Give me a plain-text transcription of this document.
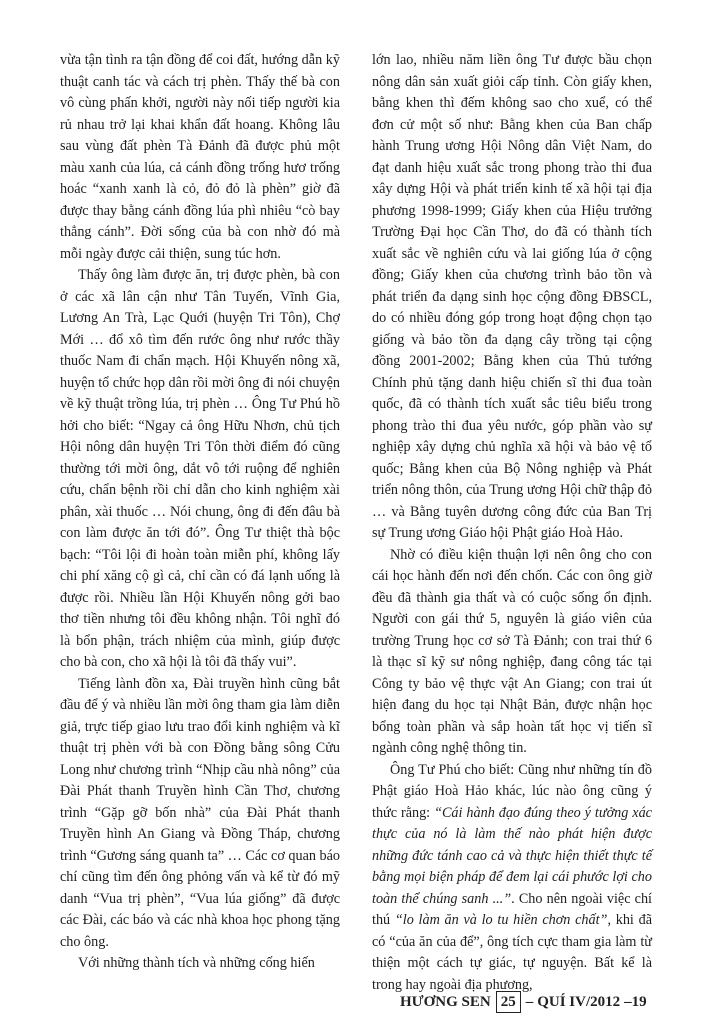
vừa tận tình ra tận đồng để coi đất, hướng dẫn kỹ thuật canh tác và cách trị phèn. Thấy thế bà con vô cùng phấn khởi, người này nối tiếp người kia rủ nhau trở lại khai khẩn đất hoang. Không lâu sau vùng đất phèn Tà Đảnh đã được phủ một màu xanh của lúa, cả cánh đồng trống hươ trống hoác “xanh xanh là cỏ, đỏ đỏ là phèn” giờ đã được thay bằng cánh đồng lúa phì nhiêu “cò bay thẳng cánh”. Đời sống của bà con nhờ đó mà mỗi ngày được cải thiện, sung túc hơn.

Thấy ông làm được ăn, trị được phèn, bà con ở các xã lân cận như Tân Tuyến, Vĩnh Gia, Lương An Trà, Lạc Quới (huyện Tri Tôn), Chợ Mới … đổ xô tìm đến rước ông như rước thầy thuốc Nam đi chẩn mạch. Hội Khuyến nông xã, huyện tổ chức họp dân rồi mời ông đi nói chuyện về kỹ thuật trồng lúa, trị phèn … Ông Tư Phú hồ hởi cho biết: “Ngay cả ông Hữu Nhơn, chủ tịch Hội nông dân huyện Tri Tôn thời điểm đó cũng thường tới mời ông, dắt vô tới ruộng để nghiên cứu, chẩn bệnh rồi chỉ dẫn cho kinh nghiệm xài phân, xài thuốc … Nói chung, ông đi đến đâu bà con làm được ăn tới đó”. Ông Tư thiệt thà bộc bạch: “Tôi lội đi hoàn toàn miễn phí, không lấy chi phí xăng cộ gì cả, chỉ cần có đá lạnh uống là được rồi. Nhiều lần Hội Khuyến nông gởi bao thơ tiền nhưng tôi đều không nhận. Tôi nghĩ đó là bổn phận, trách nhiệm của mình, giúp được cho bà con, cho xã hội là tôi đã thấy vui”.

Tiếng lành đồn xa, Đài truyền hình cũng bắt đầu để ý và nhiều lần mời ông tham gia làm diễn giả, trực tiếp giao lưu trao đổi kinh nghiệm và kĩ thuật trị phèn với bà con Đồng bằng sông Cửu Long như chương trình “Nhịp cầu nhà nông” của Đài Phát thanh Truyền hình Cần Thơ, chương trình “Gặp gỡ bốn nhà” của Đài Phát thanh Truyền hình An Giang và Đồng Tháp, chương trình “Gương sáng quanh ta” … Các cơ quan báo chí cũng tìm đến ông phỏng vấn và kể từ đó mỹ danh “Vua trị phèn”, “Vua lúa giống” đã được các Đài, các báo và các nhà khoa học phong tặng cho ông.

Với những thành tích và những cống hiến

lớn lao, nhiều năm liền ông Tư được bầu chọn nông dân sản xuất giỏi cấp tỉnh. Còn giấy khen, bằng khen thì đếm không sao cho xuể, có thể đơn cử một số như: Bằng khen của Ban chấp hành Trung ương Hội Nông dân Việt Nam, do đạt danh hiệu xuất sắc trong phong trào thi đua xây dựng Hội và phát triển kinh tế xã hội tại địa phương 1998-1999; Giấy khen của Hiệu trưởng Trường Đại học Cần Thơ, do đã có thành tích xuất sắc về nghiên cứu và lai giống lúa ở cộng đồng; Giấy khen của chương trình bảo tồn và phát triển đa dạng sinh học cộng đồng ĐBSCL, do có nhiều đóng góp trong hoạt động chọn tạo giống và bảo tồn đa dạng cây trồng tại cộng đồng 2001-2002; Bằng khen của Thủ tướng Chính phủ tặng danh hiệu chiến sĩ thi đua toàn quốc, đã có thành tích xuất sắc tiêu biểu trong phong trào thi đua yêu nước, góp phần vào sự nghiệp xây dựng chủ nghĩa xã hội và bảo vệ tổ quốc; Bằng khen của Bộ Nông nghiệp và Phát triển nông thôn, của Trung ương Hội chữ thập đỏ … và Bằng tuyên dương công đức của Ban Trị sự Trung ương Giáo hội Phật giáo Hoà Hảo.

Nhờ có điều kiện thuận lợi nên ông cho con cái học hành đến nơi đến chốn. Các con ông giờ đều đã thành gia thất và có cuộc sống ổn định. Người con gái thứ 5, nguyên là giáo viên của trường Trung học cơ sở Tà Đảnh; con trai thứ 6 là thạc sĩ kỹ sư nông nghiệp, đang công tác tại Công ty bảo vệ thực vật An Giang; con trai út hiện đang du học tại Nhật Bản, được nhận học bổng toàn phần và sắp hoàn tất học vị tiến sĩ ngành công nghệ thông tin.

Ông Tư Phú cho biết: Cũng như những tín đồ Phật giáo Hoà Hảo khác, lúc nào ông cũng ý thức rằng: “Cái hành đạo đúng theo ý tưởng xác thực của nó là làm thế nào phát hiện được những đức tánh cao cả và thực hiện thiết thực tế bằng mọi biện pháp để đem lại cái phước lợi cho toàn thể chúng sanh ...”. Cho nên ngoài việc chí thú “lo làm ăn và lo tu hiền chơn chất”, khi đã có “của ăn của để”, ông tích cực tham gia làm từ thiện một cách tự giác, tự nguyện. Bất kể là trong hay ngoài địa phương,

HƯƠNG SEN 25 – QUÍ IV/2012 –19
